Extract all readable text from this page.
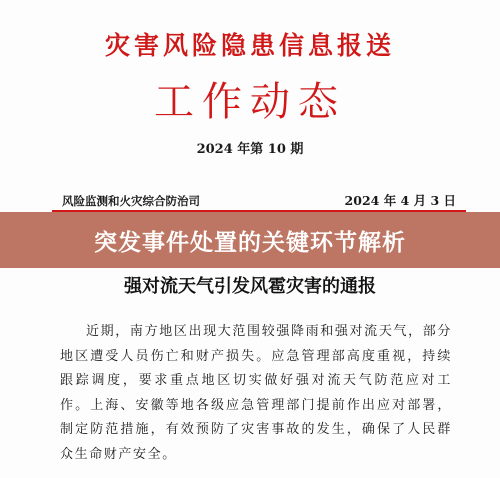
灾害风险隐患信息报送
工作动态
2024 年第 10 期
风险监测和火灾综合防治司	2024 年 4 月 3 日
强对流天气引发风雹灾害的通报

近期，南方地区出现大范围较强降雨和强对流天气，部分地区遭受人员伤亡和财产损失。应急管理部高度重视，持续跟踪调度，要求重点地区切实做好强对流天气防范应对工作。上海、安徽等地各级应急管理部门提前作出应对部署，制定防范措施，有效预防了灾害事故的发生，确保了人民群众生命财产安全。

突发事件处置的关键环节解析
